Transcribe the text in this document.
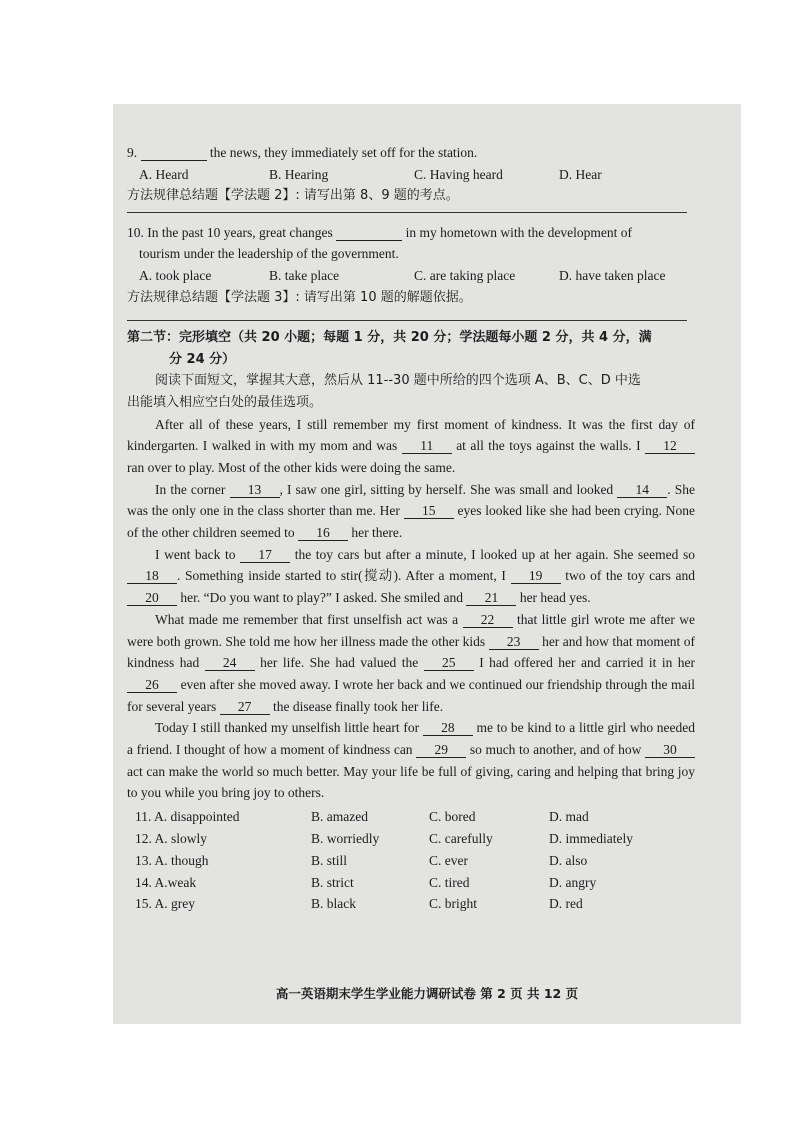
9.	the news, they immediately set off for the station.
A. Heard	B. Hearing	C. Having heard	D. Hear
方法规律总结题【学法题 2】: 请写出第 8、9 题的考点。
10. In the past 10 years, great changes	in my hometown with the development of
tourism under the leadership of the government.
A. took place	B. take place	C. are taking place	D. have taken place
方法规律总结题【学法题 3】: 请写出第 10 题的解题依据。
第二节：完形填空（共 20 小题；每题 1 分，共 20 分；学法题每小题 2 分，共 4 分，满
分 24 分）
阅读下面短文，掌握其大意，然后从 11--30 题中所给的四个选项 A、B、C、D 中选
出能填入相应空白处的最佳选项。

After all of these years, I still remember my first moment of kindness. It was the first day of kindergarten. I walked in with my mom and was 11 at all the toys against the walls. I 12 ran over to play. Most of the other kids were doing the same.

In the corner 13 , I saw one girl, sitting by herself. She was small and looked 14 . She was the only one in the class shorter than me. Her 15 eyes looked like she had been crying. None of the other children seemed to 16 her there.

I went back to 17 the toy cars but after a minute, I looked up at her again. She seemed so 18 . Something inside started to stir(搅动). After a moment, I 19 two of the toy cars and 20 her. “Do you want to play?” I asked. She smiled and 21 her head yes.

What made me remember that first unselfish act was a 22 that little girl wrote me after we were both grown. She told me how her illness made the other kids 23 her and how that moment of kindness had 24 her life. She had valued the 25 I had offered her and carried it in her 26 even after she moved away. I wrote her back and we continued our friendship through the mail for several years 27 the disease finally took her life.

Today I still thanked my unselfish little heart for 28 me to be kind to a little girl who needed a friend. I thought of how a moment of kindness can 29 so much to another, and of how 30 act can make the world so much better. May your life be full of giving, caring and helping that bring joy to you while you bring joy to others.

11. A. disappointed	B. amazed	C. bored	D. mad
12. A. slowly	B. worriedly	C. carefully	D. immediately
13. A. though	B. still	C. ever	D. also
14. A.weak	B. strict	C. tired	D. angry
15. A. grey	B. black	C. bright	D. red
高一英语期末学生学业能力调研试卷 第 2 页 共 12 页
